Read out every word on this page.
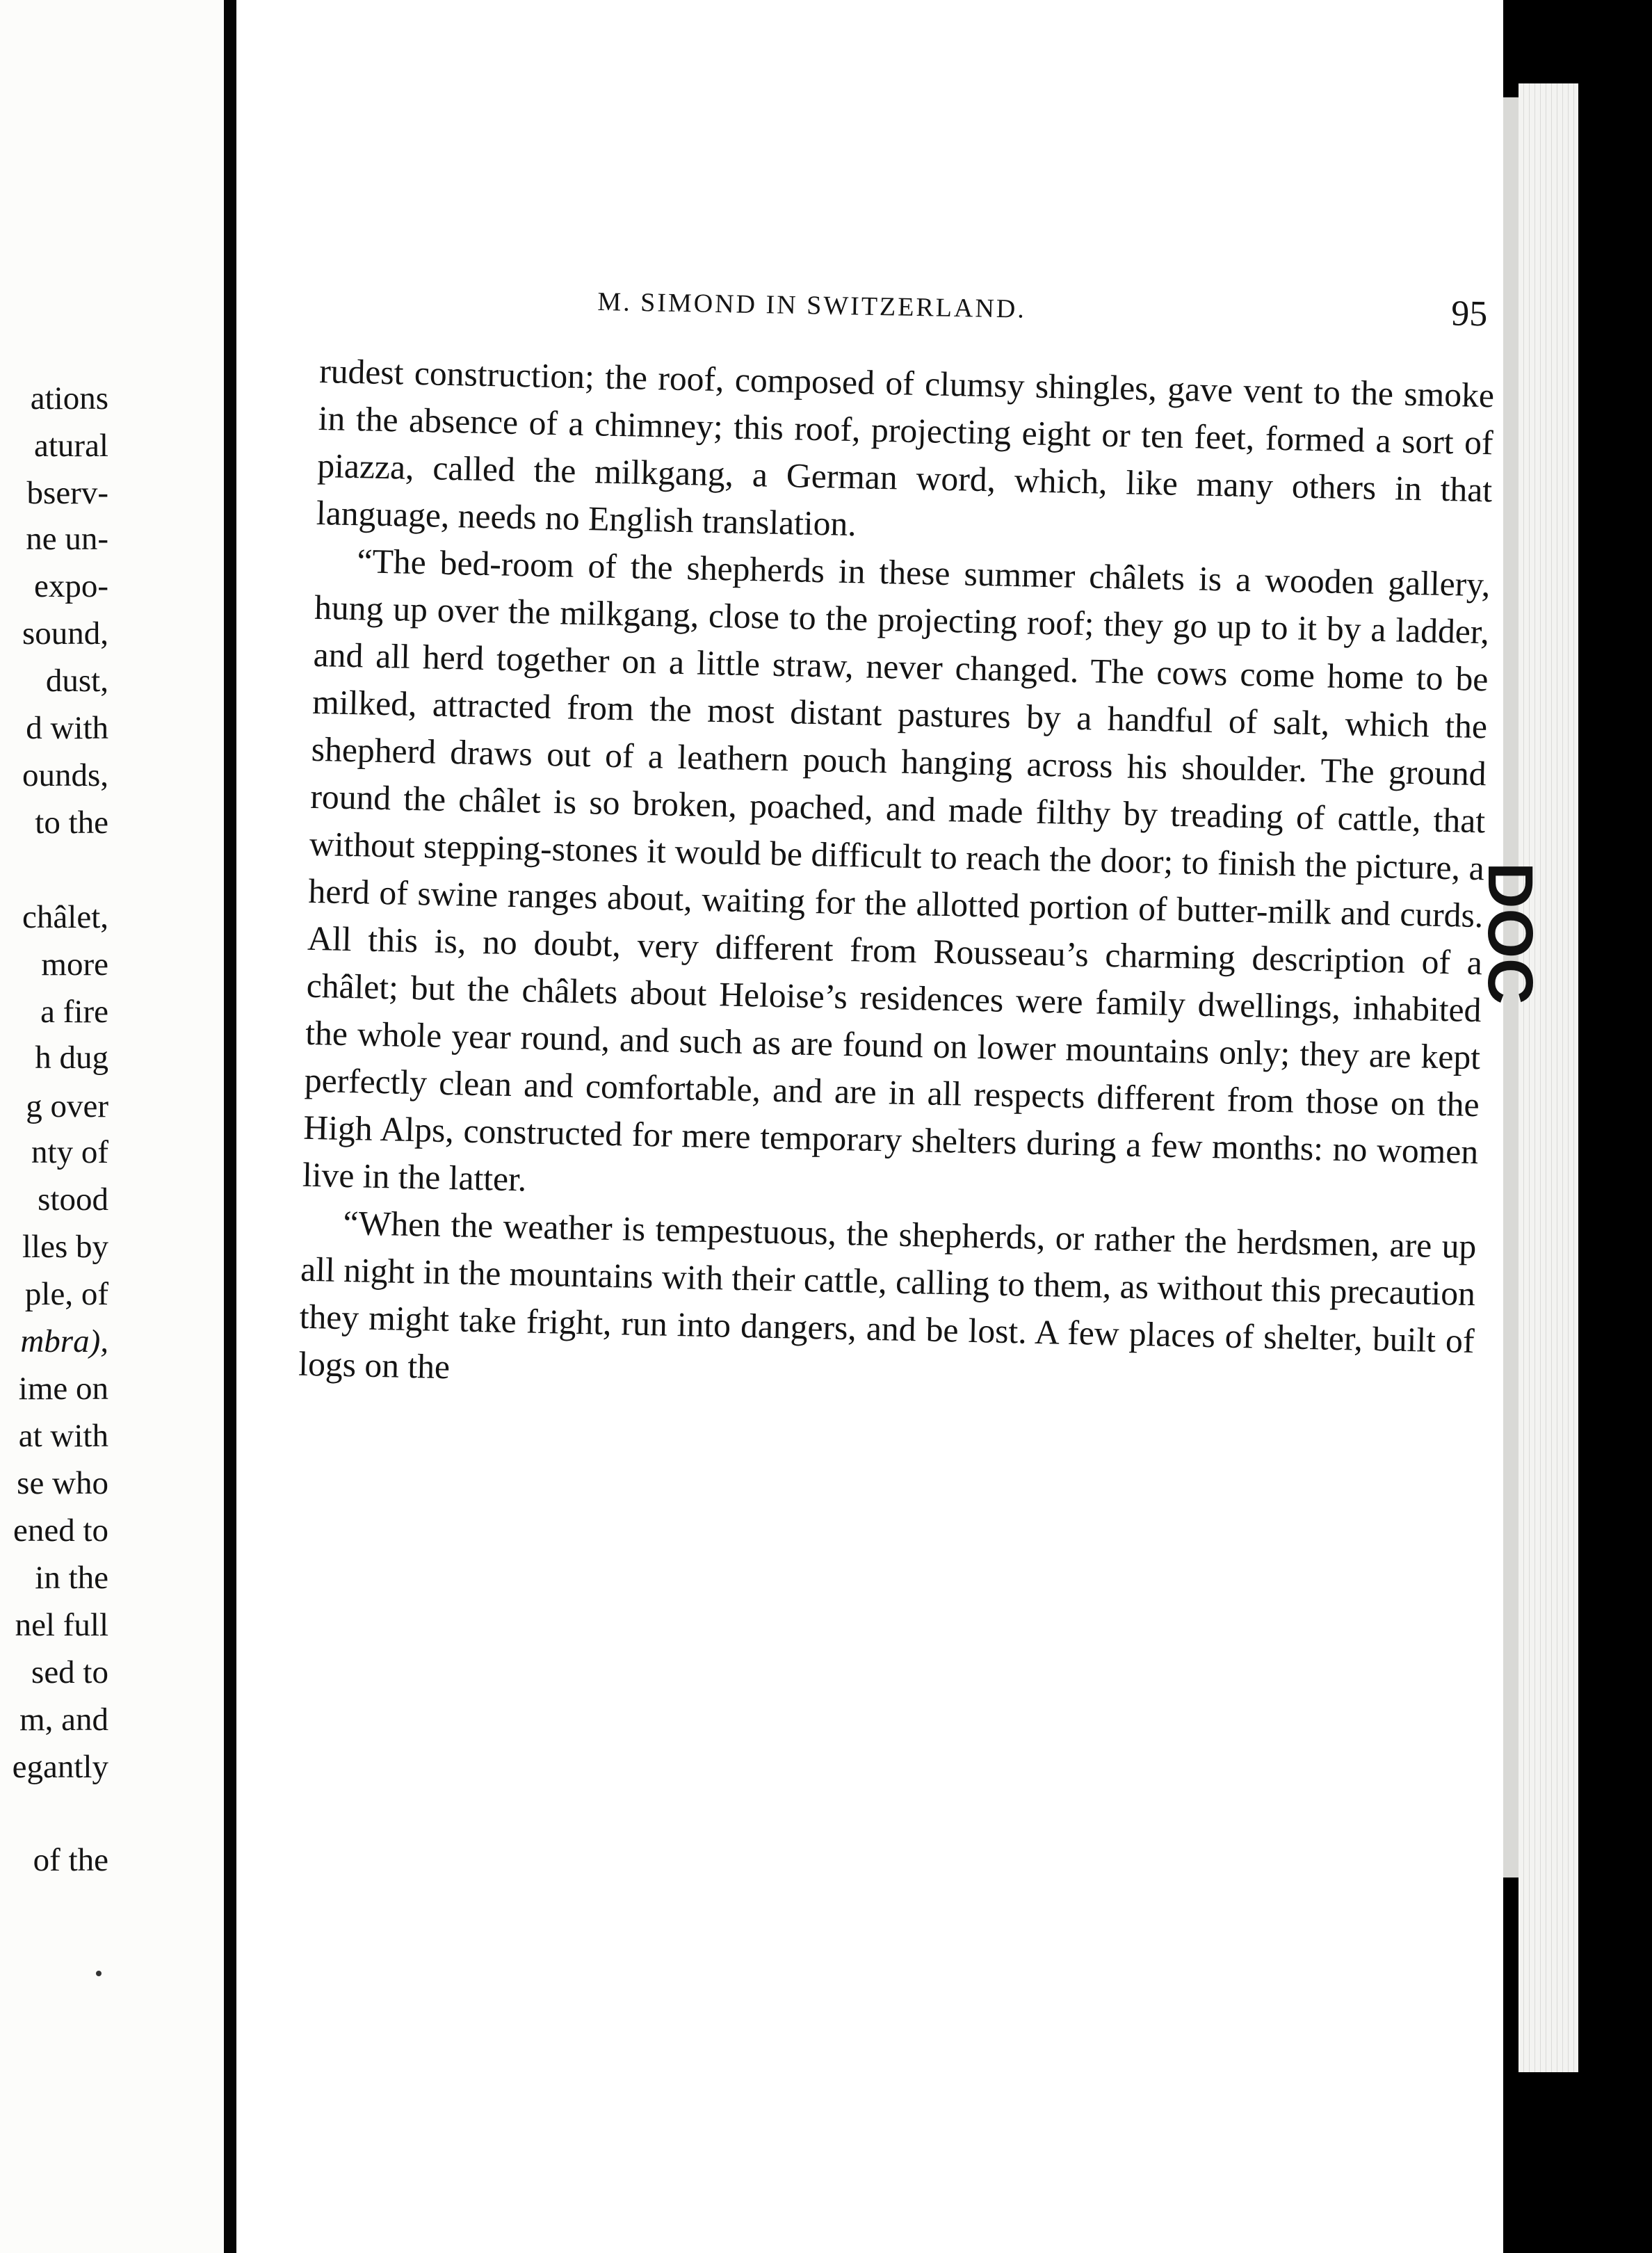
ations
atural
bserv-
ne un-
expo-
sound,
dust,
d with
ounds,
to the
châlet,
more
a fire
h dug
g over
nty of
stood
lles by
ple, of
mbra),
ime on
at with
se who
ened to
in the
nel full
sed to
m, and
egantly
of the
M. SIMOND IN SWITZERLAND.	95

rudest construction; the roof, composed of clumsy shingles, gave vent to the smoke in the absence of a chimney; this roof, projecting eight or ten feet, formed a sort of piazza, called the milkgang, a German word, which, like many others in that language, needs no English translation.

“The bed-room of the shepherds in these summer châlets is a wooden gallery, hung up over the milkgang, close to the projecting roof; they go up to it by a ladder, and all herd together on a little straw, never changed. The cows come home to be milked, attracted from the most distant pastures by a handful of salt, which the shepherd draws out of a leathern pouch hanging across his shoulder. The ground round the châlet is so broken, poached, and made filthy by treading of cattle, that without stepping-stones it would be difficult to reach the door; to finish the picture, a herd of swine ranges about, waiting for the allotted portion of butter-milk and curds. All this is, no doubt, very different from Rousseau’s charming description of a châlet; but the châlets about Heloise’s residences were family dwellings, inhabited the whole year round, and such as are found on lower mountains only; they are kept perfectly clean and comfortable, and are in all respects different from those on the High Alps, constructed for mere temporary shelters during a few months: no women live in the latter.

“When the weather is tempestuous, the shepherds, or rather the herdsmen, are up all night in the mountains with their cattle, calling to them, as without this precaution they might take fright, run into dangers, and be lost. A few places of shelter, built of logs on the
